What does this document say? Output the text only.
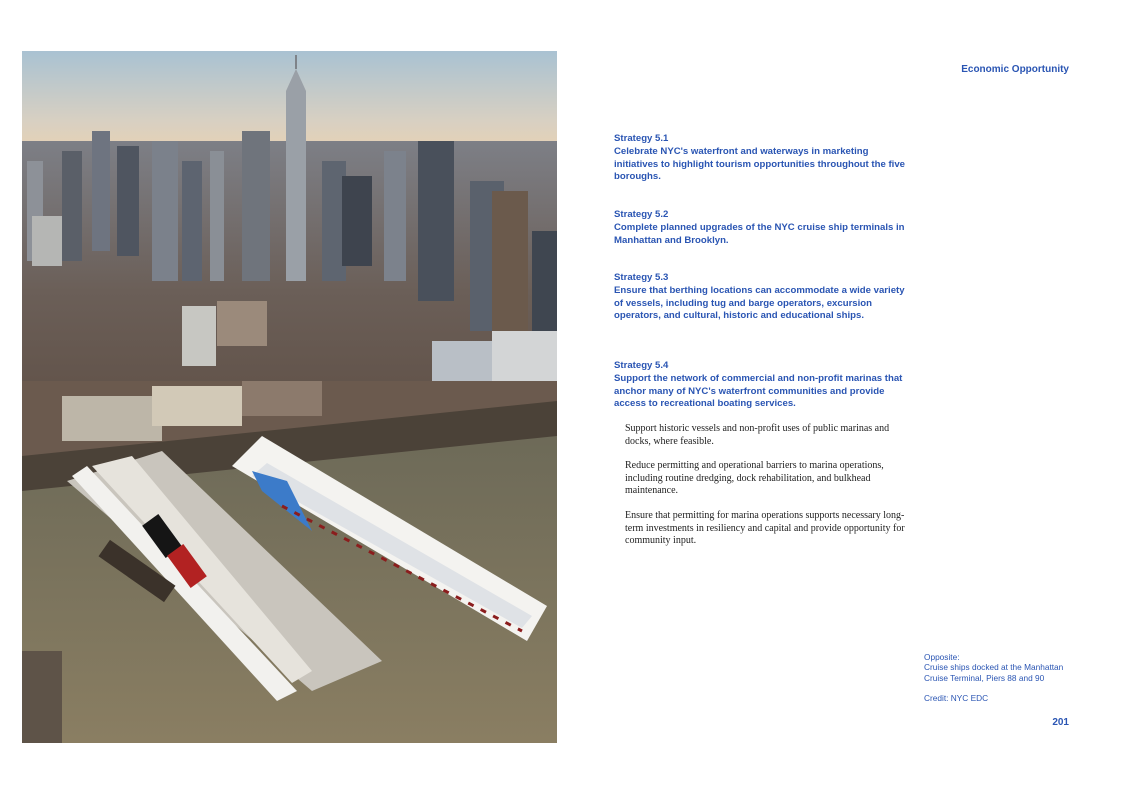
Economic Opportunity

Strategy 5.1
Celebrate NYC's waterfront and waterways in marketing initiatives to highlight tourism opportunities throughout the five boroughs.

Strategy 5.2
Complete planned upgrades of the NYC cruise ship terminals in Manhattan and Brooklyn.

Strategy 5.3
Ensure that berthing locations can accommodate a wide variety of vessels, including tug and barge operators, excursion operators, and cultural, historic and educational ships.

Strategy 5.4
Support the network of commercial and non-profit marinas that anchor many of NYC's waterfront communities and provide access to recreational boating services.

Support historic vessels and non-profit uses of public marinas and docks, where feasible.

Reduce permitting and operational barriers to marina operations, including routine dredging, dock rehabilitation, and bulkhead maintenance.

Ensure that permitting for marina operations supports necessary long-term investments in resiliency and capital and provide opportunity for community input.

Opposite:
Cruise ships docked at the Manhattan Cruise Terminal, Piers 88 and 90

Credit: NYC EDC

201
